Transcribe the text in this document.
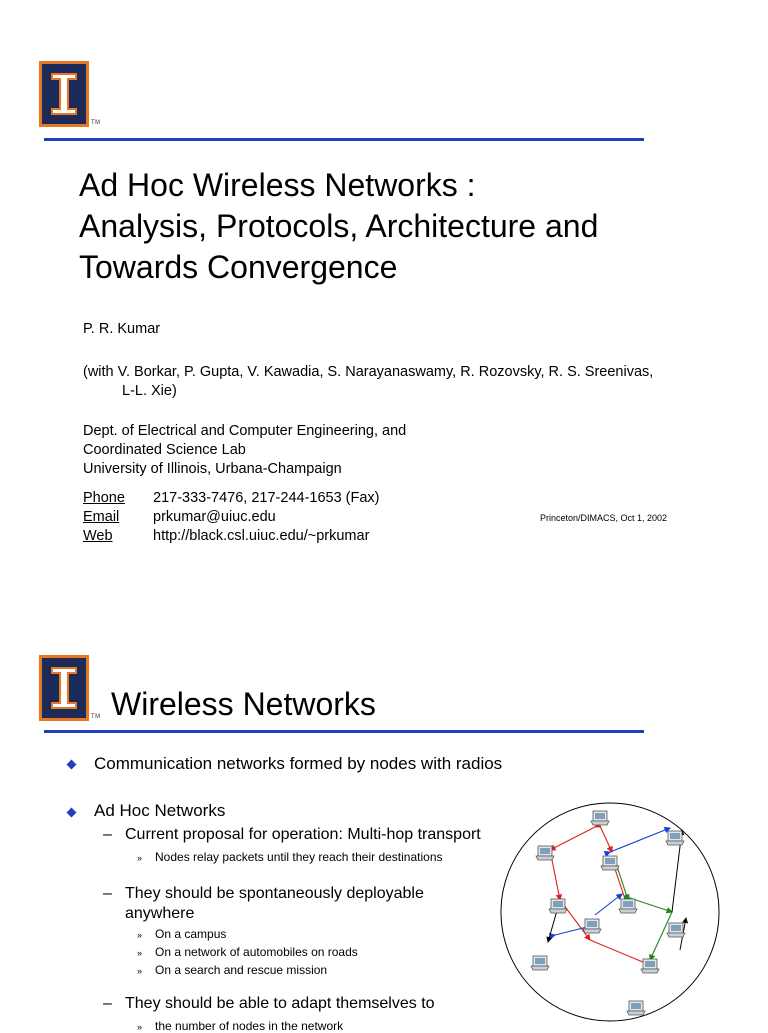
TM
Ad Hoc Wireless Networks :
Analysis, Protocols, Architecture and
Towards Convergence
P. R. Kumar
(with V. Borkar, P. Gupta, V. Kawadia, S. Narayanaswamy, R. Rozovsky, R. S. Sreenivas,
L-L. Xie)
Dept. of Electrical and Computer Engineering, and
Coordinated Science Lab
University of Illinois, Urbana-Champaign
Phone	217-333-7476, 217-244-1653 (Fax)
Email	prkumar@uiuc.edu
Web	http://black.csl.uiuc.edu/~prkumar
Princeton/DIMACS, Oct 1, 2002
TM Wireless Networks
Communication networks formed by nodes with radios
Ad Hoc Networks
– Current proposal for operation: Multi-hop transport
» Nodes relay packets until they reach their destinations
– They should be spontaneously deployable
anywhere
» On a campus
» On a network of automobiles on roads
» On a search and rescue mission
– They should be able to adapt themselves to
» the number of nodes in the network
